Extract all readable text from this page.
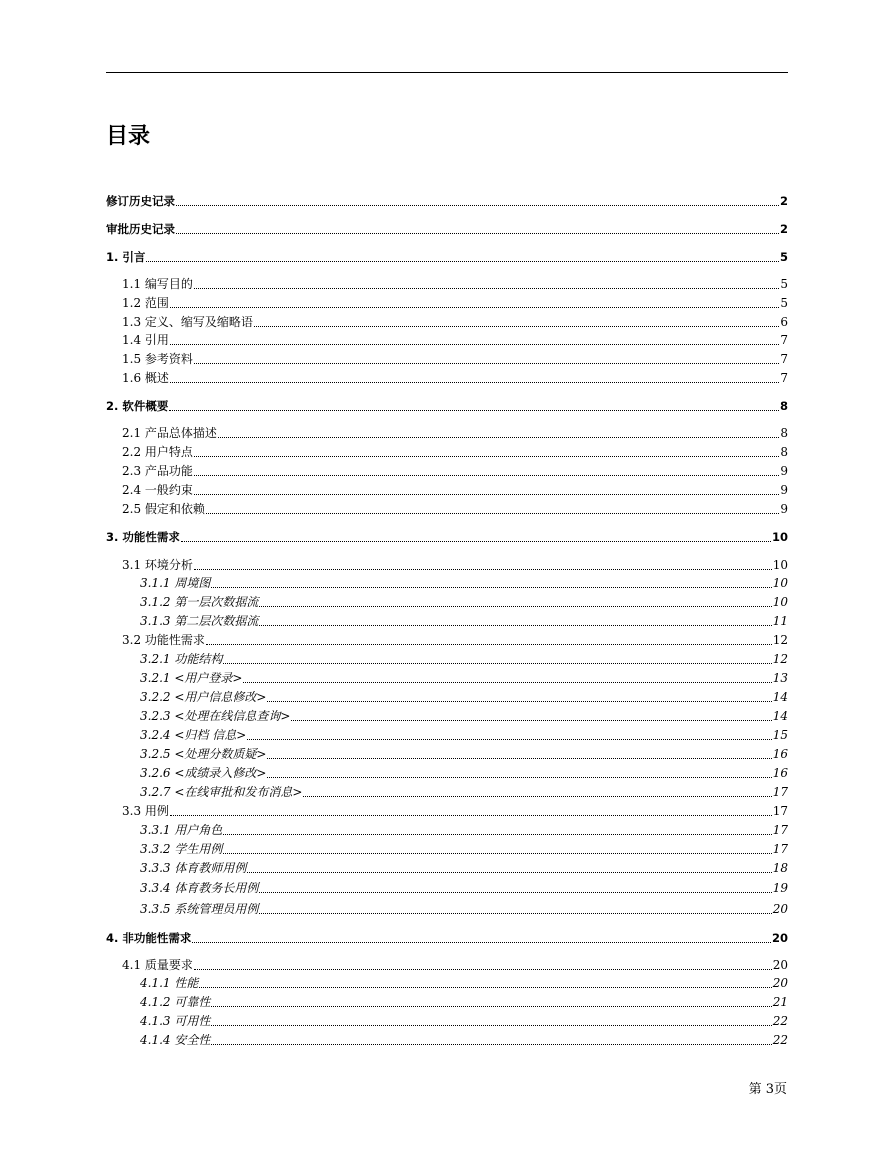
目录
修订历史记录	2
审批历史记录	2
1. 引言	5
1.1 编写目的	5
1.2 范围	5
1.3 定义、缩写及缩略语	6
1.4 引用	7
1.5 参考资料	7
1.6 概述	7
2. 软件概要	8
2.1 产品总体描述	8
2.2 用户特点	8
2.3 产品功能	9
2.4 一般约束	9
2.5 假定和依赖	9
3. 功能性需求	10
3.1 环境分析	10
3.1.1 周境图	10
3.1.2 第一层次数据流	10
3.1.3 第二层次数据流	11
3.2 功能性需求	12
3.2.1 功能结构	12
3.2.1 <用户登录>	13
3.2.2 <用户信息修改>	14
3.2.3 <处理在线信息查询>	14
3.2.4 <归档 信息>	15
3.2.5 <处理分数质疑>	16
3.2.6 <成绩录入修改>	16
3.2.7 <在线审批和发布消息>	17
3.3 用例	17
3.3.1 用户角色	17
3.3.2 学生用例	17
3.3.3 体育教师用例	18
3.3.4 体育教务长用例	19
3.3.5 系统管理员用例	20
4. 非功能性需求	20
4.1 质量要求	20
4.1.1 性能	20
4.1.2 可靠性	21
4.1.3 可用性	22
4.1.4 安全性	22
第 3页
